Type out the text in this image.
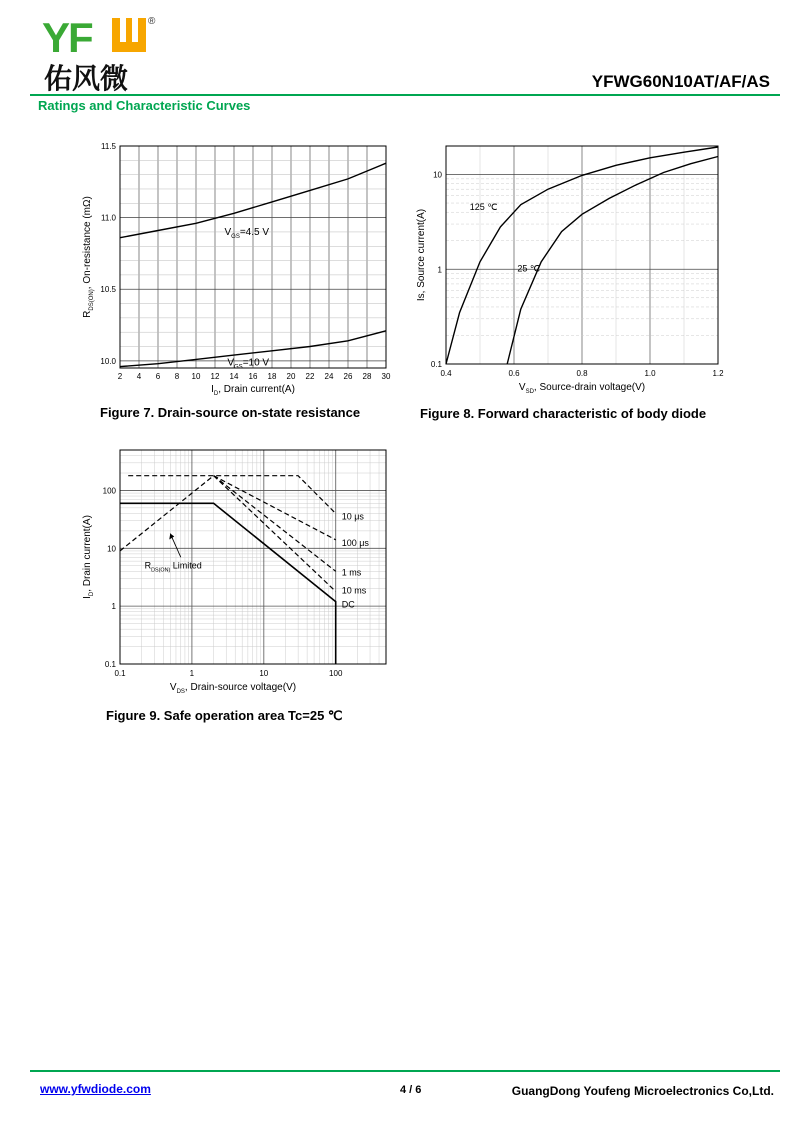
YF	®
佑风微	YFWG60N10AT/AF/AS
Ratings and Characteristic Curves
2 4 6 8 10 12 14 16 18 20 22 24 26 28 30
10.0
10.5
11.0
11.5
$V_{GS}=4.5$ V
$V_{GS}=10$ V
$I_D$, Drain current(A)
$R_{DS(ON)}$, On-resistance (mΩ)
Figure 7. Drain-source on-state resistance
0.4	0.6	0.8	1.0	1.2
0.1
1
10
125 ℃
25 ℃
$V_{SD}$, Source-drain voltage(V)
Is, Source current(A)
Figure 8. Forward characteristic of body diode
0.1	1	10	100
0.1
1
10
100
10 μs
100 μs
1 ms
10 ms
DC
$R_{DS(ON)}$ Limited
$V_{DS}$, Drain-source voltage(V)
$I_D$, Drain current(A)
Figure 9. Safe operation area Tc=25 ℃
www.yfwdiode.com	4 / 6	GuangDong Youfeng Microelectronics Co,Ltd.
